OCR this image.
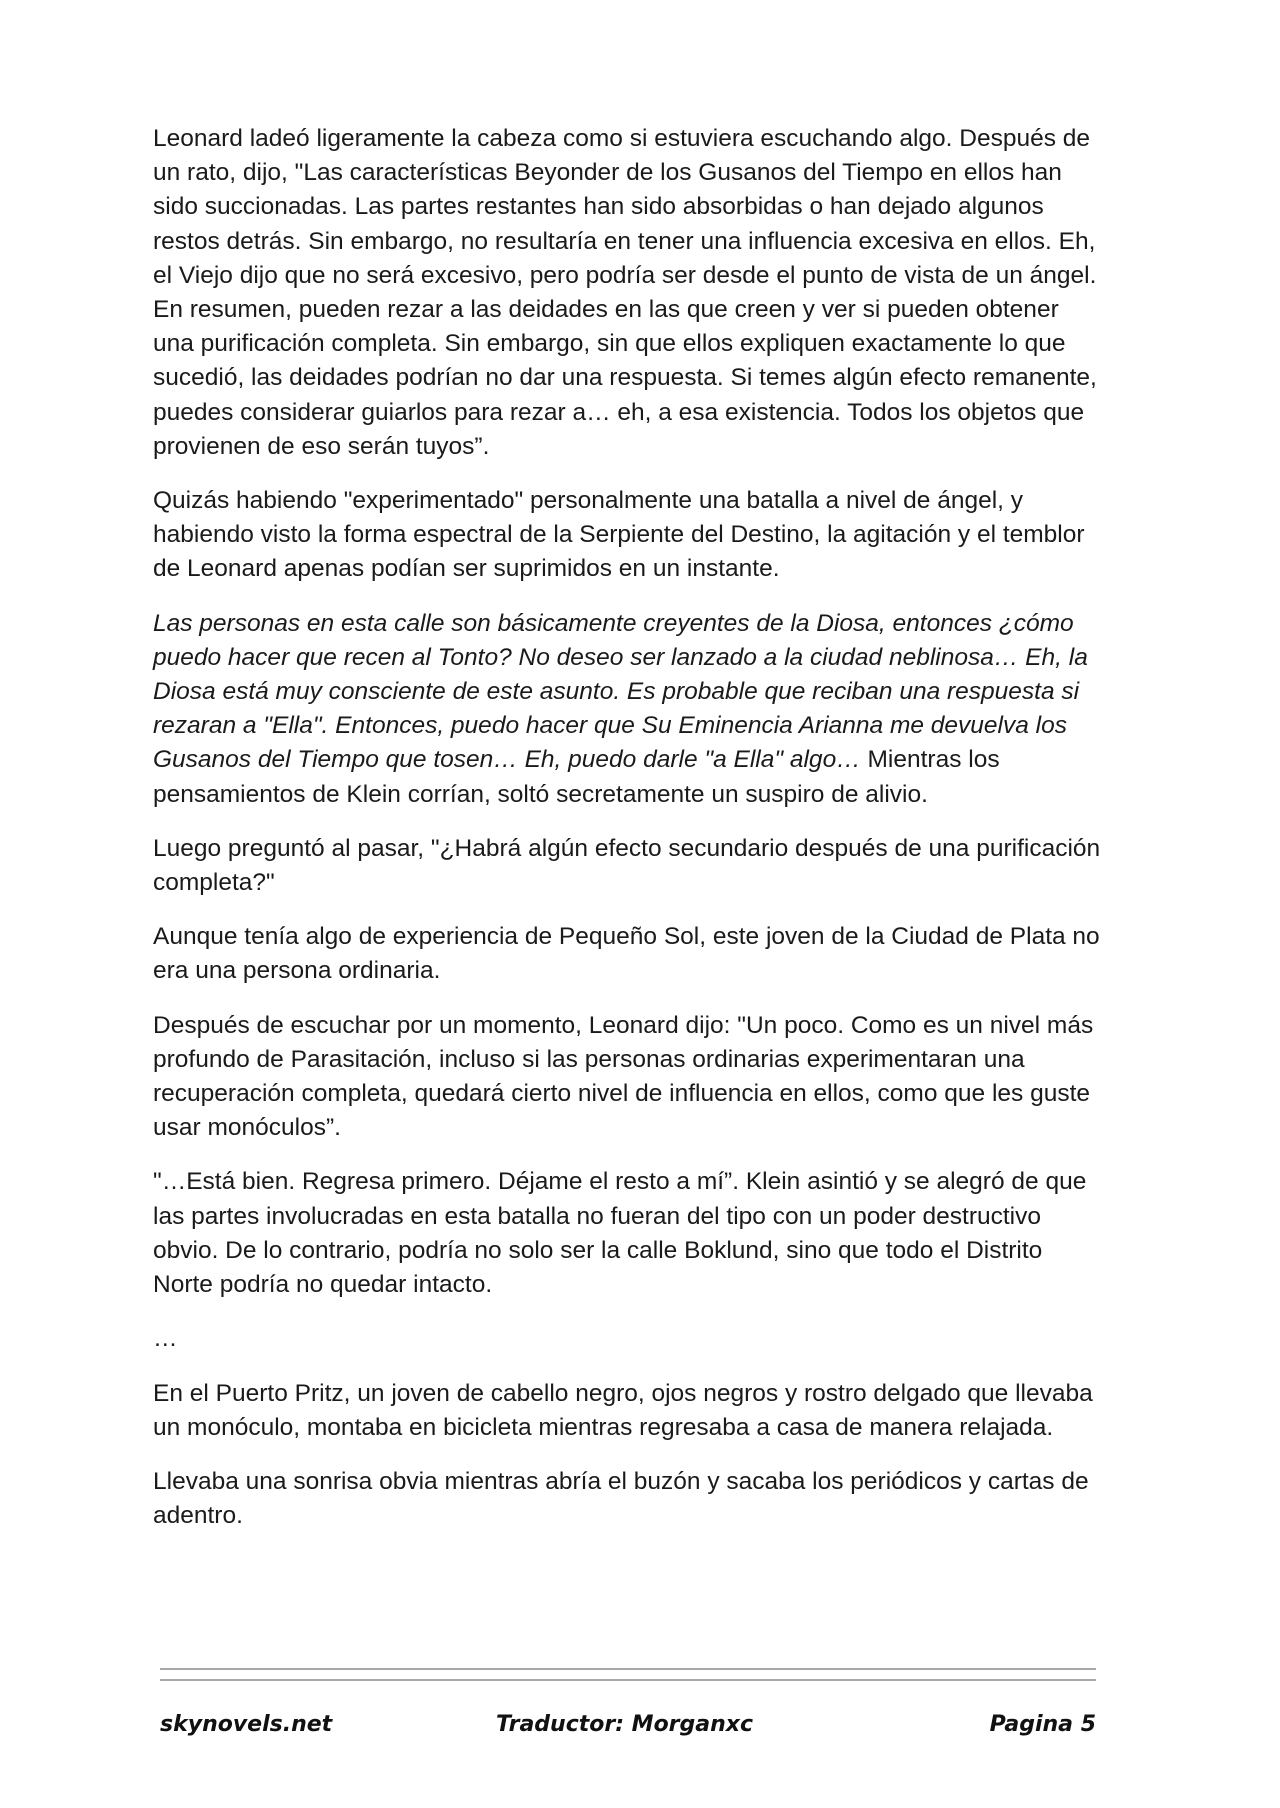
Leonard ladeó ligeramente la cabeza como si estuviera escuchando algo. Después de un rato, dijo, "Las características Beyonder de los Gusanos del Tiempo en ellos han sido succionadas. Las partes restantes han sido absorbidas o han dejado algunos restos detrás. Sin embargo, no resultaría en tener una influencia excesiva en ellos. Eh, el Viejo dijo que no será excesivo, pero podría ser desde el punto de vista de un ángel. En resumen, pueden rezar a las deidades en las que creen y ver si pueden obtener una purificación completa. Sin embargo, sin que ellos expliquen exactamente lo que sucedió, las deidades podrían no dar una respuesta. Si temes algún efecto remanente, puedes considerar guiarlos para rezar a… eh, a esa existencia. Todos los objetos que provienen de eso serán tuyos”.

Quizás habiendo "experimentado" personalmente una batalla a nivel de ángel, y habiendo visto la forma espectral de la Serpiente del Destino, la agitación y el temblor de Leonard apenas podían ser suprimidos en un instante.

Las personas en esta calle son básicamente creyentes de la Diosa, entonces ¿cómo puedo hacer que recen al Tonto? No deseo ser lanzado a la ciudad neblinosa… Eh, la Diosa está muy consciente de este asunto. Es probable que reciban una respuesta si rezaran a "Ella". Entonces, puedo hacer que Su Eminencia Arianna me devuelva los Gusanos del Tiempo que tosen… Eh, puedo darle "a Ella" algo… Mientras los pensamientos de Klein corrían, soltó secretamente un suspiro de alivio.

Luego preguntó al pasar, "¿Habrá algún efecto secundario después de una purificación completa?"

Aunque tenía algo de experiencia de Pequeño Sol, este joven de la Ciudad de Plata no era una persona ordinaria.

Después de escuchar por un momento, Leonard dijo: "Un poco. Como es un nivel más profundo de Parasitación, incluso si las personas ordinarias experimentaran una recuperación completa, quedará cierto nivel de influencia en ellos, como que les guste usar monóculos”.

"…Está bien. Regresa primero. Déjame el resto a mí”. Klein asintió y se alegró de que las partes involucradas en esta batalla no fueran del tipo con un poder destructivo obvio. De lo contrario, podría no solo ser la calle Boklund, sino que todo el Distrito Norte podría no quedar intacto.

…

En el Puerto Pritz, un joven de cabello negro, ojos negros y rostro delgado que llevaba un monóculo, montaba en bicicleta mientras regresaba a casa de manera relajada.

Llevaba una sonrisa obvia mientras abría el buzón y sacaba los periódicos y cartas de adentro.

skynovels.net	Traductor: Morganxc	Pagina 5
